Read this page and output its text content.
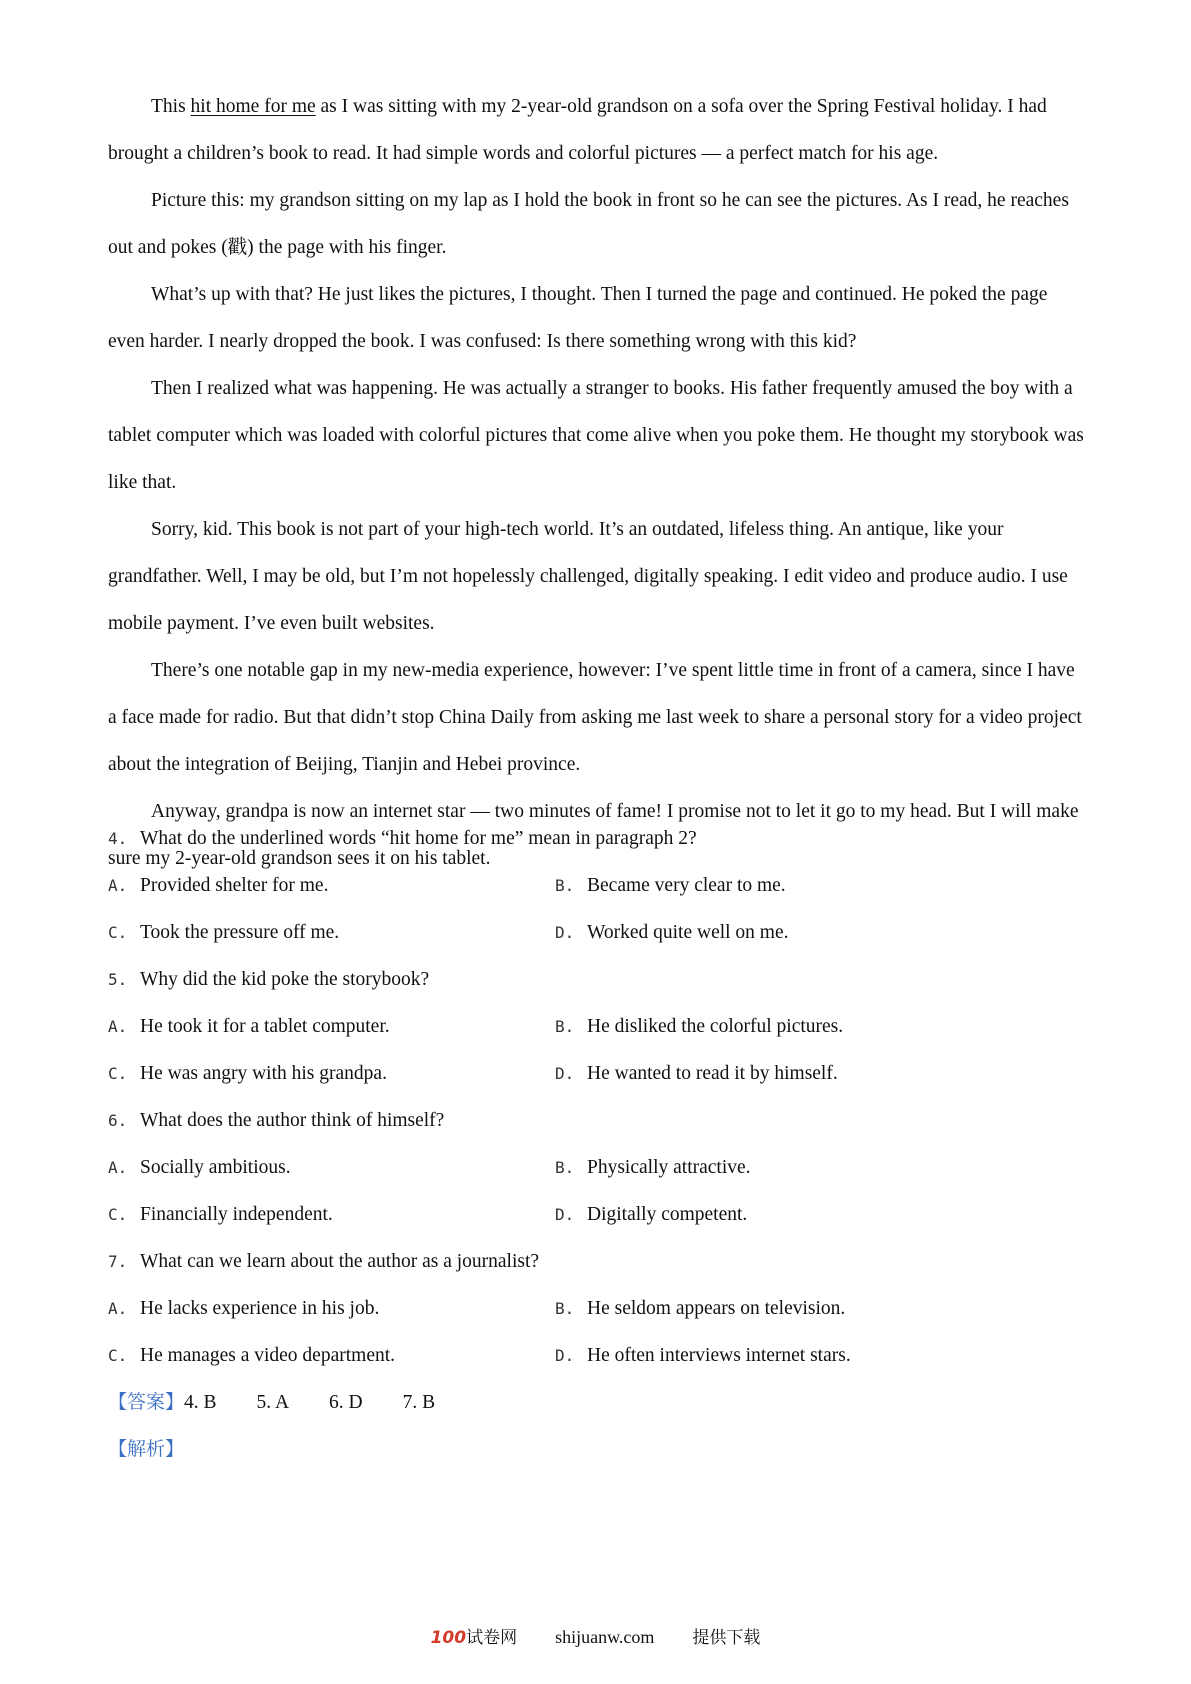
This hit home for me as I was sitting with my 2-year-old grandson on a sofa over the Spring Festival holiday. I had brought a children’s book to read. It had simple words and colorful pictures — a perfect match for his age.

Picture this: my grandson sitting on my lap as I hold the book in front so he can see the pictures. As I read, he reaches out and pokes (戳) the page with his finger.

What’s up with that? He just likes the pictures, I thought. Then I turned the page and continued. He poked the page even harder. I nearly dropped the book. I was confused: Is there something wrong with this kid?

Then I realized what was happening. He was actually a stranger to books. His father frequently amused the boy with a tablet computer which was loaded with colorful pictures that come alive when you poke them. He thought my storybook was like that.

Sorry, kid. This book is not part of your high-tech world. It’s an outdated, lifeless thing. An antique, like your grandfather. Well, I may be old, but I’m not hopelessly challenged, digitally speaking. I edit video and produce audio. I use mobile payment. I’ve even built websites.

There’s one notable gap in my new-media experience, however: I’ve spent little time in front of a camera, since I have a face made for radio. But that didn’t stop China Daily from asking me last week to share a personal story for a video project about the integration of Beijing, Tianjin and Hebei province.

Anyway, grandpa is now an internet star — two minutes of fame! I promise not to let it go to my head. But I will make sure my 2-year-old grandson sees it on his tablet.

4. What do the underlined words “hit home for me” mean in paragraph 2?
A. Provided shelter for me.	B. Became very clear to me.
C. Took the pressure off me.	D. Worked quite well on me.
5. Why did the kid poke the storybook?
A. He took it for a tablet computer.	B. He disliked the colorful pictures.
C. He was angry with his grandpa.	D. He wanted to read it by himself.
6. What does the author think of himself?
A. Socially ambitious.	B. Physically attractive.
C. Financially independent.	D. Digitally competent.
7. What can we learn about the author as a journalist?
A. He lacks experience in his job.	B. He seldom appears on television.
C. He manages a video department.	D. He often interviews internet stars.
【答案】4. B 5. A 6. D 7. B
【解析】
100试卷网 shijuanw.com 提供下载
